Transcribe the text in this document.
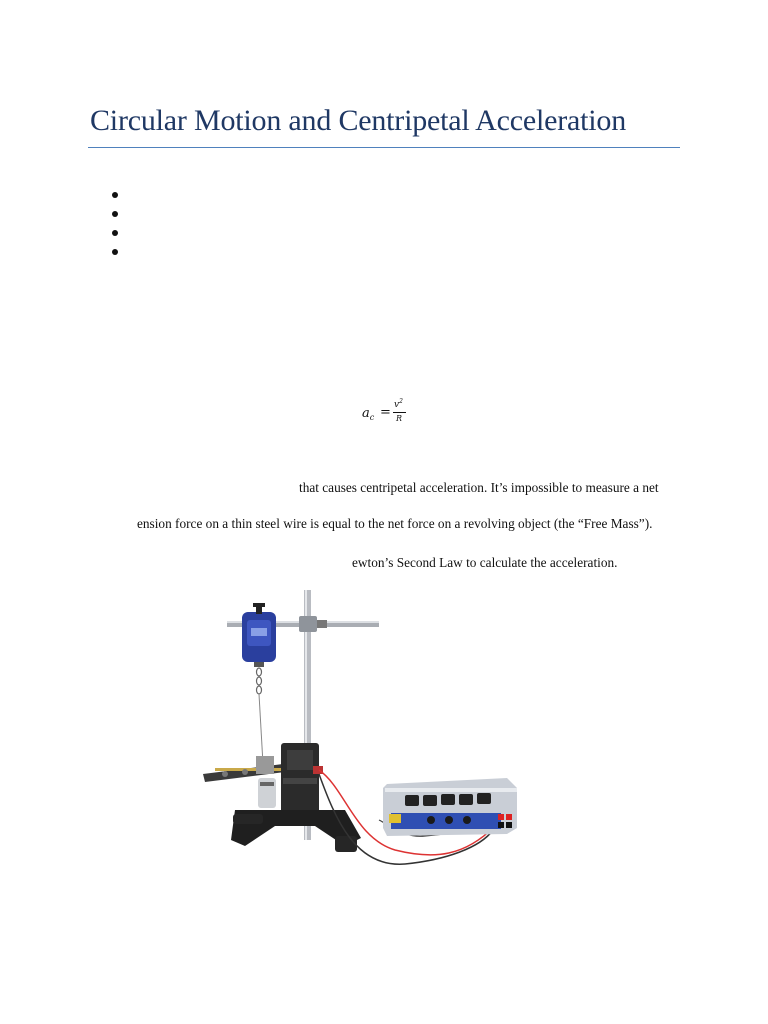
Circular Motion and Centripetal Acceleration
$a_c = v^2$
R
that causes centripetal acceleration. It’s impossible to measure a net
ension force on a thin steel wire is equal to the net force on a revolving object (the “Free Mass”).
ewton’s Second Law to calculate the acceleration.
